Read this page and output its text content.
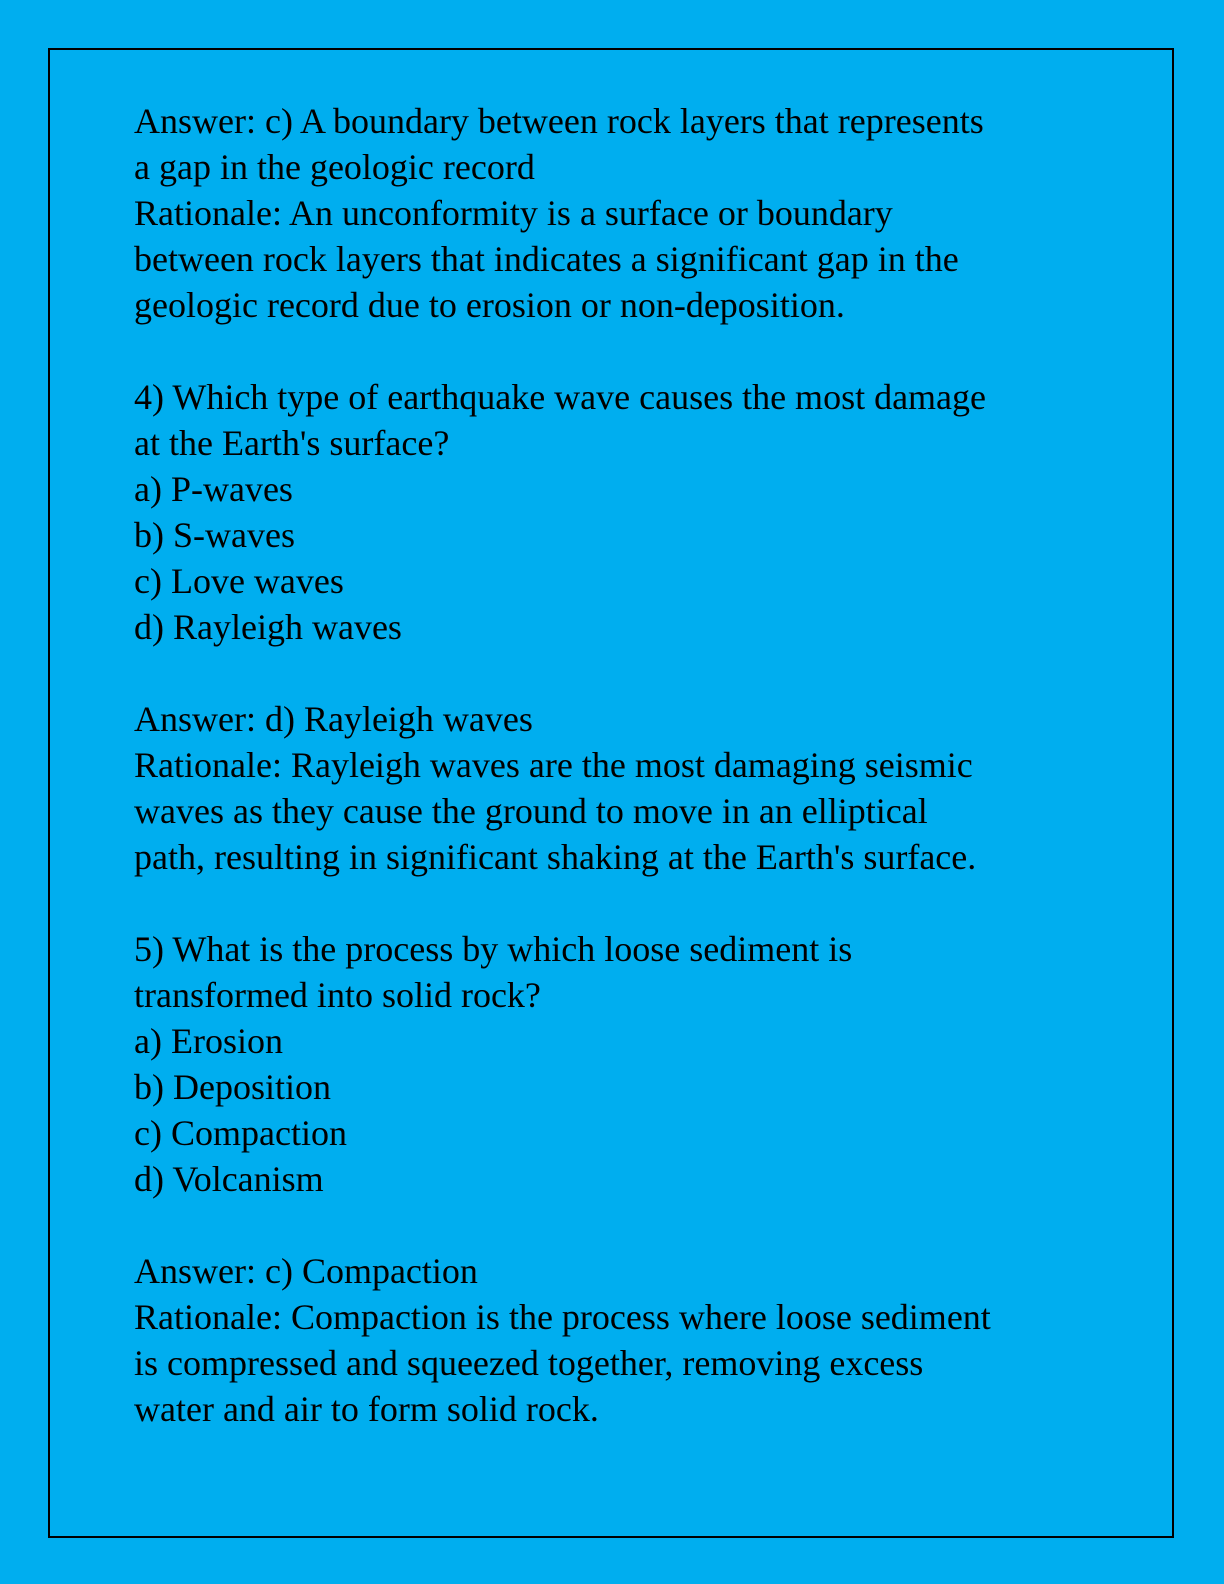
Answer: c) A boundary between rock layers that represents
a gap in the geologic record
Rationale: An unconformity is a surface or boundary
between rock layers that indicates a significant gap in the
geologic record due to erosion or non-deposition.
4) Which type of earthquake wave causes the most damage
at the Earth's surface?
a) P-waves
b) S-waves
c) Love waves
d) Rayleigh waves
Answer: d) Rayleigh waves
Rationale: Rayleigh waves are the most damaging seismic
waves as they cause the ground to move in an elliptical
path, resulting in significant shaking at the Earth's surface.
5) What is the process by which loose sediment is
transformed into solid rock?
a) Erosion
b) Deposition
c) Compaction
d) Volcanism
Answer: c) Compaction
Rationale: Compaction is the process where loose sediment
is compressed and squeezed together, removing excess
water and air to form solid rock.
